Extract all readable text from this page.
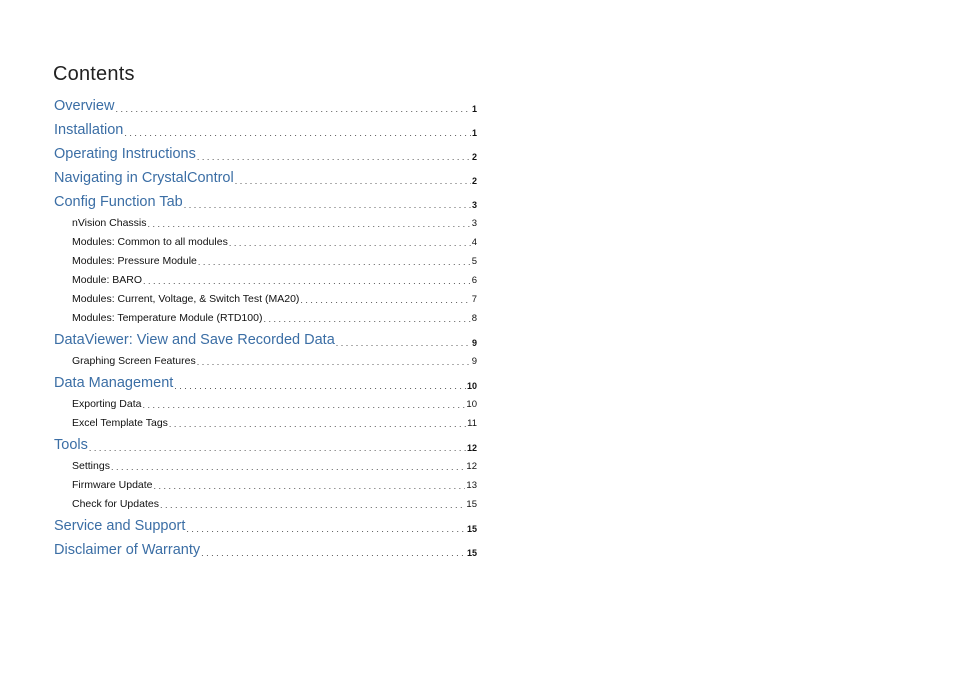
Contents
Overview . . .	1
Installation . . .	1
Operating Instructions . . .	2
Navigating in CrystalControl . . .	2
Config Function Tab . . .	3
nVision Chassis . . .	3
Modules: Common to all modules . . .	4
Modules: Pressure Module . . .	5
Module: BARO . . .	6
Modules: Current, Voltage, & Switch Test (MA20) . . .	7
Modules: Temperature Module (RTD100) . . .	8
DataViewer: View and Save Recorded Data . . .	9
Graphing Screen Features . . .	9
Data Management . . .	10
Exporting Data . . .	10
Excel Template Tags . . .	11
Tools . . .	12
Settings . . .	12
Firmware Update . . .	13
Check for Updates . . .	15
Service and Support . . .	15
Disclaimer of Warranty . . .	15
